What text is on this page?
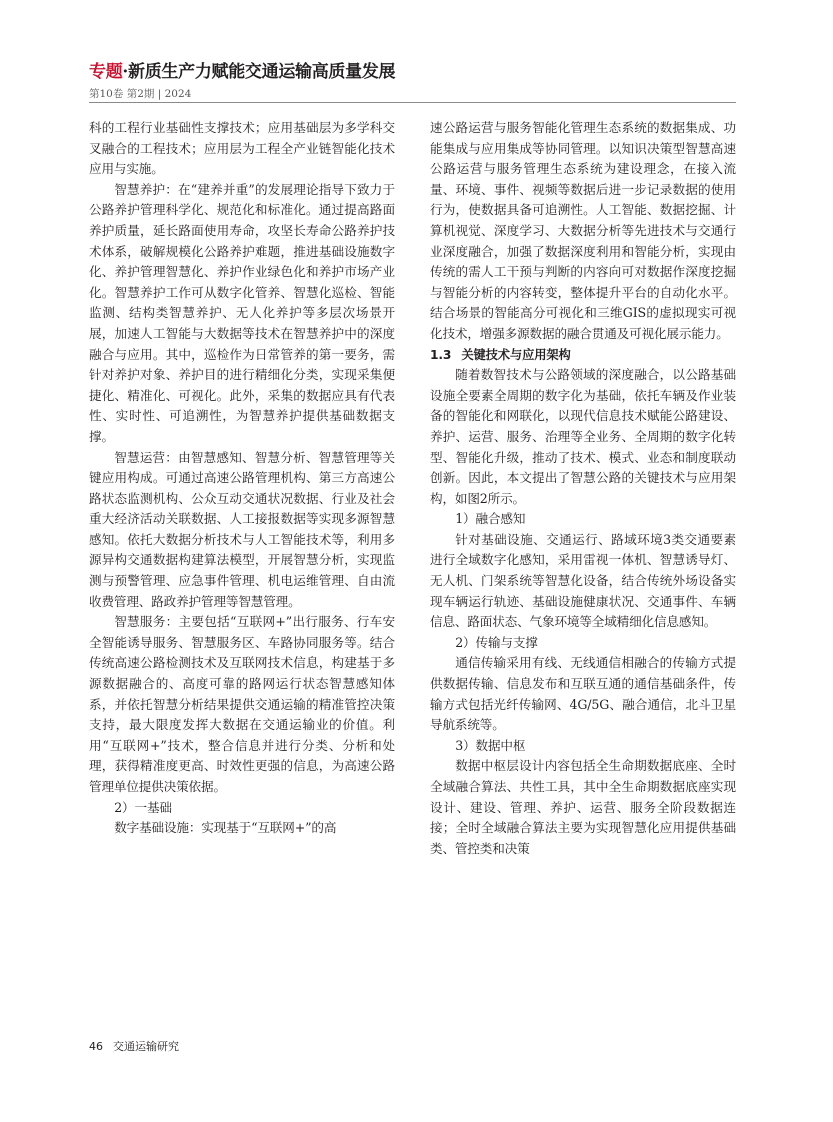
专题·新质生产力赋能交通运输高质量发展
第10卷 第2期 | 2024

科的工程行业基础性支撑技术；应用基础层为多学科交叉融合的工程技术；应用层为工程全产业链智能化技术应用与实施。

智慧养护：在“建养并重”的发展理论指导下致力于公路养护管理科学化、规范化和标准化。通过提高路面养护质量，延长路面使用寿命，攻坚长寿命公路养护技术体系，破解规模化公路养护难题，推进基础设施数字化、养护管理智慧化、养护作业绿色化和养护市场产业化。智慧养护工作可从数字化管养、智慧化巡检、智能监测、结构类智慧养护、无人化养护等多层次场景开展，加速人工智能与大数据等技术在智慧养护中的深度融合与应用。其中，巡检作为日常管养的第一要务，需针对养护对象、养护目的进行精细化分类，实现采集便捷化、精准化、可视化。此外，采集的数据应具有代表性、实时性、可追溯性，为智慧养护提供基础数据支撑。

智慧运营：由智慧感知、智慧分析、智慧管理等关键应用构成。可通过高速公路管理机构、第三方高速公路状态监测机构、公众互动交通状况数据、行业及社会重大经济活动关联数据、人工接报数据等实现多源智慧感知。依托大数据分析技术与人工智能技术等，利用多源异构交通数据构建算法模型，开展智慧分析，实现监测与预警管理、应急事件管理、机电运维管理、自由流收费管理、路政养护管理等智慧管理。

智慧服务：主要包括“互联网+”出行服务、行车安全智能诱导服务、智慧服务区、车路协同服务等。结合传统高速公路检测技术及互联网技术信息，构建基于多源数据融合的、高度可靠的路网运行状态智慧感知体系，并依托智慧分析结果提供交通运输的精准管控决策支持，最大限度发挥大数据在交通运输业的价值。利用“互联网+”技术，整合信息并进行分类、分析和处理，获得精准度更高、时效性更强的信息，为高速公路管理单位提供决策依据。

2）一基础

数字基础设施：实现基于“互联网+”的高

速公路运营与服务智能化管理生态系统的数据集成、功能集成与应用集成等协同管理。以知识决策型智慧高速公路运营与服务管理生态系统为建设理念，在接入流量、环境、事件、视频等数据后进一步记录数据的使用行为，使数据具备可追溯性。人工智能、数据挖掘、计算机视觉、深度学习、大数据分析等先进技术与交通行业深度融合，加强了数据深度利用和智能分析，实现由传统的需人工干预与判断的内容向可对数据作深度挖掘与智能分析的内容转变，整体提升平台的自动化水平。结合场景的智能高分可视化和三维GIS的虚拟现实可视化技术，增强多源数据的融合贯通及可视化展示能力。

1.3 关键技术与应用架构

随着数智技术与公路领域的深度融合，以公路基础设施全要素全周期的数字化为基础，依托车辆及作业装备的智能化和网联化，以现代信息技术赋能公路建设、养护、运营、服务、治理等全业务、全周期的数字化转型、智能化升级，推动了技术、模式、业态和制度联动创新。因此，本文提出了智慧公路的关键技术与应用架构，如图2所示。

1）融合感知

针对基础设施、交通运行、路域环境3类交通要素进行全域数字化感知，采用雷视一体机、智慧诱导灯、无人机、门架系统等智慧化设备，结合传统外场设备实现车辆运行轨迹、基础设施健康状况、交通事件、车辆信息、路面状态、气象环境等全域精细化信息感知。

2）传输与支撑

通信传输采用有线、无线通信相融合的传输方式提供数据传输、信息发布和互联互通的通信基础条件，传输方式包括光纤传输网、4G/5G、融合通信，北斗卫星导航系统等。

3）数据中枢

数据中枢层设计内容包括全生命期数据底座、全时全域融合算法、共性工具，其中全生命期数据底座实现设计、建设、管理、养护、运营、服务全阶段数据连接；全时全域融合算法主要为实现智慧化应用提供基础类、管控类和决策

46 交通运输研究
